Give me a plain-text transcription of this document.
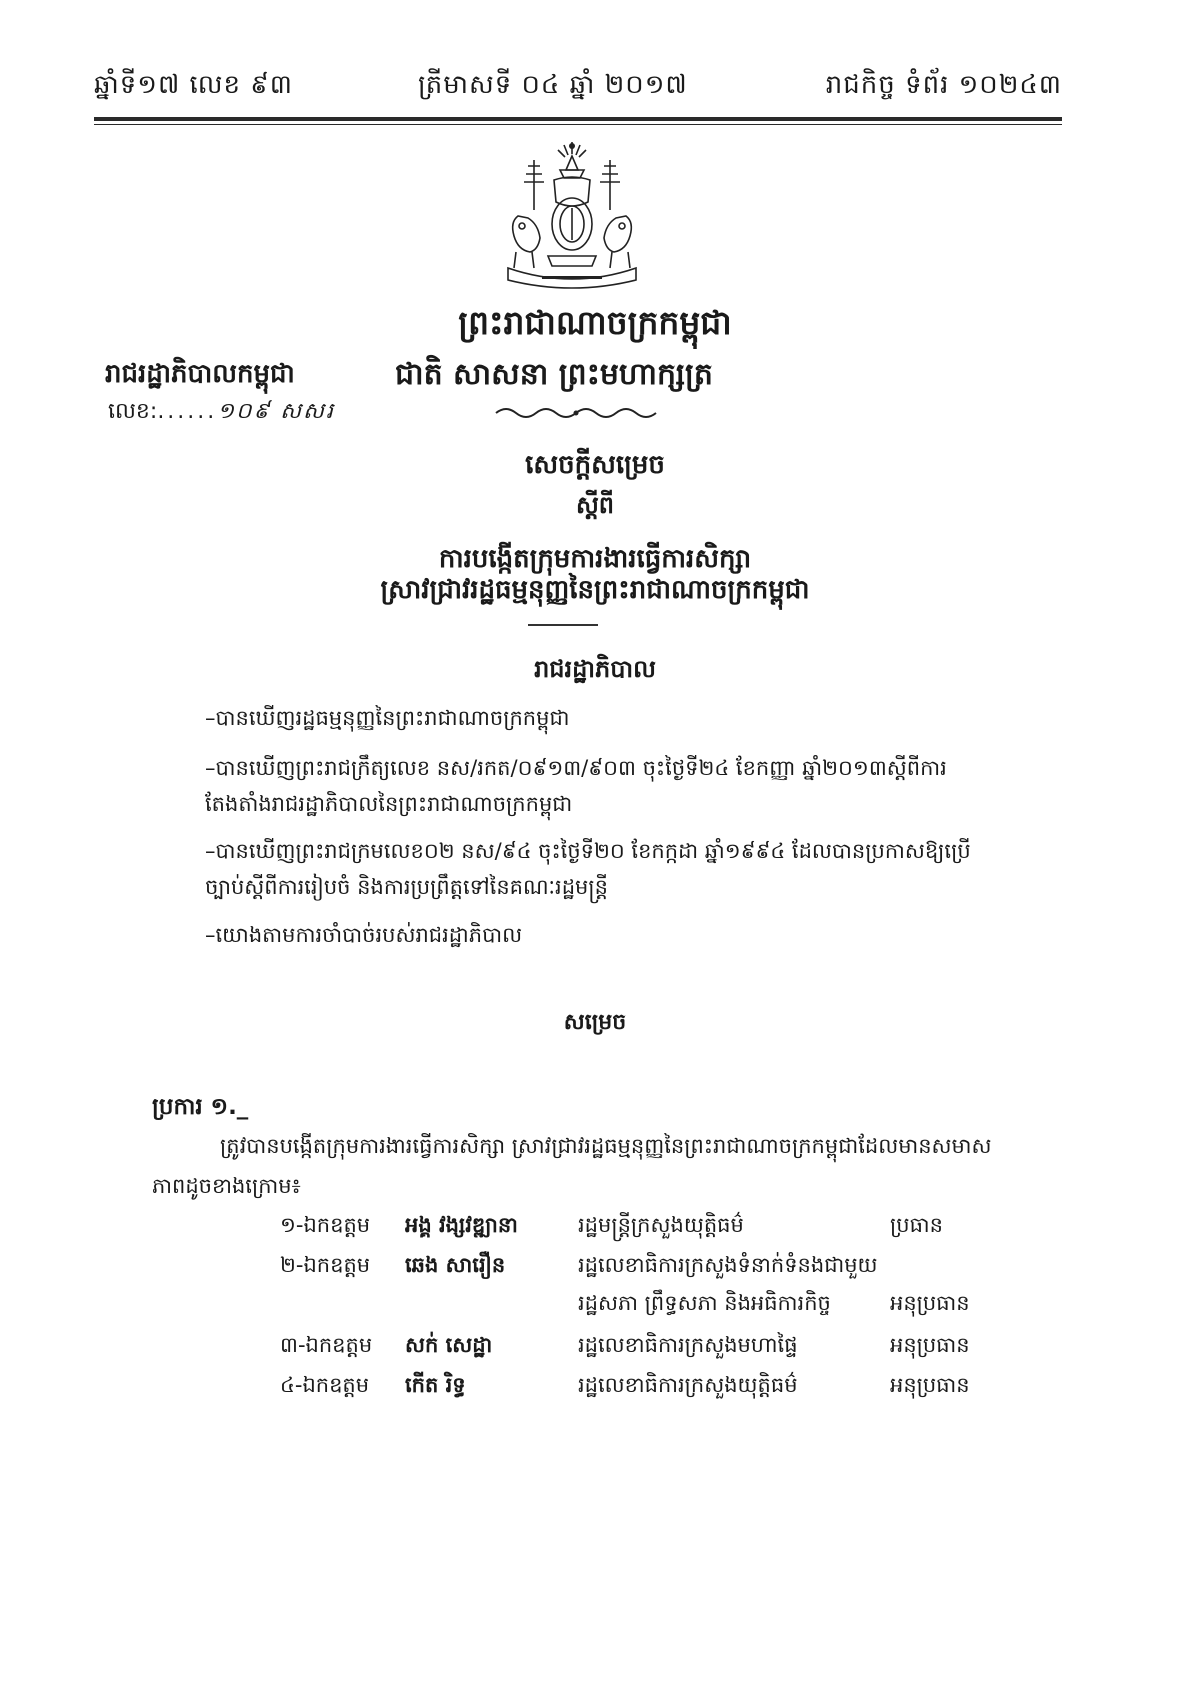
ឆ្នាំទី១៧ លេខ ៩៣	ត្រីមាសទី ០៤ ឆ្នាំ ២០១៧	រាជកិច្ច ទំព័រ ១០២៤៣
ព្រះរាជាណាចក្រកម្ពុជា
រាជរដ្ឋាភិបាលកម្ពុជា	ជាតិ សាសនា ព្រះមហាក្សត្រ
លេខ:......១០៩ សសរ
សេចក្ដីសម្រេច
ស្ដីពី
ការបង្កើតក្រុមការងារធ្វើការសិក្សា
ស្រាវជ្រាវរដ្ឋធម្មនុញ្ញនៃព្រះរាជាណាចក្រកម្ពុជា
រាជរដ្ឋាភិបាល
–បានឃើញរដ្ឋធម្មនុញ្ញនៃព្រះរាជាណាចក្រកម្ពុជា
–បានឃើញព្រះរាជក្រឹត្យលេខ នស/រកត/០៩១៣/៩០៣ ចុះថ្ងៃទី២៤ ខែកញ្ញា ឆ្នាំ២០១៣ស្ដីពីការតែងតាំងរាជរដ្ឋាភិបាលនៃព្រះរាជាណាចក្រកម្ពុជា
–បានឃើញព្រះរាជក្រមលេខ០២ នស/៩៤ ចុះថ្ងៃទី២០ ខែកក្កដា ឆ្នាំ១៩៩៤ ដែលបានប្រកាសឱ្យប្រើច្បាប់ស្ដីពីការរៀបចំ និងការប្រព្រឹត្តទៅនៃគណៈរដ្ឋមន្ត្រី
–យោងតាមការចាំបាច់របស់រាជរដ្ឋាភិបាល
សម្រេច
ប្រការ ១._
ត្រូវបានបង្កើតក្រុមការងារធ្វើការសិក្សា ស្រាវជ្រាវរដ្ឋធម្មនុញ្ញនៃព្រះរាជាណាចក្រកម្ពុជាដែលមានសមាសភាពដូចខាងក្រោម៖
១-ឯកឧត្តម អង្គ វង្សវឌ្ឍានា	រដ្ឋមន្ត្រីក្រសួងយុត្តិធម៌	ប្រធាន
២-ឯកឧត្តម ឆេង សារឿន	រដ្ឋលេខាធិការក្រសួងទំនាក់ទំនងជាមួយ
រដ្ឋសភា ព្រឹទ្ធសភា និងអធិការកិច្ច	អនុប្រធាន
៣-ឯកឧត្តម សក់ សេដ្ឋា	រដ្ឋលេខាធិការក្រសួងមហាផ្ទៃ	អនុប្រធាន
៤-ឯកឧត្តម កើត រិទ្ធ	រដ្ឋលេខាធិការក្រសួងយុត្តិធម៌	អនុប្រធាន
